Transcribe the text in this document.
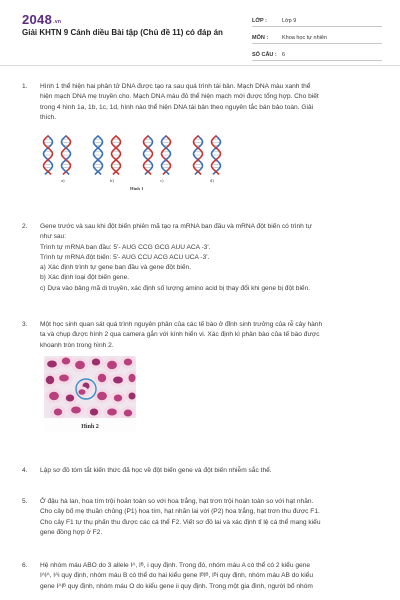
2048.vn
Giải KHTN 9 Cánh diều Bài tập (Chủ đề 11) có đáp án
LỚP :	Lớp 9
MÔN :	Khoa học tự nhiên
SỐ CÂU : 6
1. Hình 1 thể hiện hai phân tử DNA được tạo ra sau quá trình tái bản. Mạch DNA màu xanh thể
hiện mạch DNA mẹ truyền cho. Mạch DNA màu đỏ thể hiện mạch mới được tổng hợp. Cho biết
trong 4 hình 1a, 1b, 1c, 1d, hình nào thể hiện DNA tái bản theo nguyên tắc bán bảo toàn. Giải
thích.
a)	b)	c)	d)
Hình 1
2. Gene trước và sau khi đột biến phiên mã tạo ra mRNA ban đầu và mRNA đột biến có trình tự
như sau:
Trình tự mRNA ban đầu: 5'- AUG CCG GCG AUU ACA -3'.
Trình tự mRNA đột biến: 5'- AUG CCU ACG ACU UCA -3'.
a) Xác định trình tự gene ban đầu và gene đột biến.
b) Xác định loại đột biến gene.
c) Dựa vào bảng mã di truyền, xác định số lượng amino acid bị thay đổi khi gene bị đột biến.
3. Một học sinh quan sát quá trình nguyên phân của các tế bào ở đỉnh sinh trưởng của rễ cây hành
ta và chụp được hình 2 qua camera gắn với kính hiển vi. Xác định kì phân bào của tế bào được
khoanh tròn trong hình 2.
Hình 2
4. Lập sơ đồ tóm tắt kiến thức đã học về đột biến gene và đột biến nhiễm sắc thể.
5. Ở đậu hà lan, hoa tím trội hoàn toàn so với hoa trắng, hạt trơn trội hoàn toàn so với hạt nhăn.
Cho cây bố mẹ thuần chủng (P1) hoa tím, hạt nhăn lai với (P2) hoa trắng, hạt trơn thu được F1.
Cho cây F1 tự thụ phấn thu được các cá thể F2. Viết sơ đồ lai và xác định tỉ lệ cá thể mang kiểu
gene đồng hợp ở F2.
6. Hệ nhóm máu ABO do 3 allele Iᴬ, Iᴮ, i quy định. Trong đó, nhóm máu A có thể có 2 kiểu gene
IᴬIᴬ, Iᴬi quy định, nhóm máu B có thể do hai kiểu gene IᴮIᴮ, Iᴮi quy định, nhóm máu AB do kiểu
gene IᴬIᴮ quy định, nhóm máu O do kiểu gene ii quy định. Trong một gia đình, người bố nhóm
